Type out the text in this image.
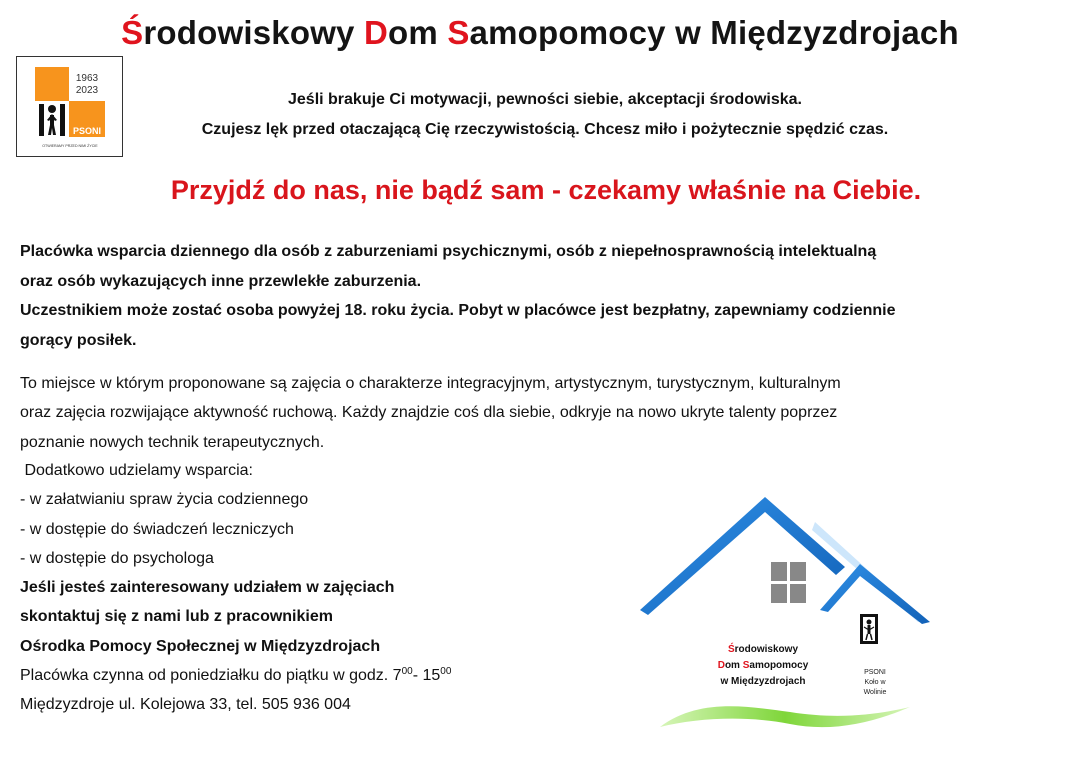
Środowiskowy Dom Samopomocy w Międzyzdrojach
1963
2023
PSONI
OTWIERAMY PRZED NIMI ŻYCIE
Jeśli brakuje Ci motywacji, pewności siebie, akceptacji środowiska.
Czujesz lęk przed otaczającą Cię rzeczywistością. Chcesz miło i pożytecznie spędzić czas.
Przyjdź do nas, nie bądź sam - czekamy właśnie na Ciebie.
Placówka wsparcia dziennego dla osób z zaburzeniami psychicznymi, osób z niepełnosprawnością intelektualną
oraz osób wykazujących inne przewlekłe zaburzenia.
Uczestnikiem może zostać osoba powyżej 18. roku życia. Pobyt w placówce jest bezpłatny, zapewniamy codziennie
gorący posiłek.
To miejsce w którym proponowane są zajęcia o charakterze integracyjnym, artystycznym, turystycznym, kulturalnym
oraz zajęcia rozwijające aktywność ruchową. Każdy znajdzie coś dla siebie, odkryje na nowo ukryte talenty poprzez
poznanie nowych technik terapeutycznych.
Dodatkowo udzielamy wsparcia:
- w załatwianiu spraw życia codziennego
- w dostępie do świadczeń leczniczych
- w dostępie do psychologa
Jeśli jesteś zainteresowany udziałem w zajęciach
skontaktuj się z nami lub z pracownikiem
Ośrodka Pomocy Społecznej w Międzyzdrojach
Placówka czynna od poniedziałku do piątku w godz. $7^{00}-$ $15^{00}$
Międzyzdroje ul. Kolejowa 33, tel. 505 936 004
Środowiskowy
Dom Samopomocy
w Międzyzdrojach
PSONI
Koło w
Wolinie
